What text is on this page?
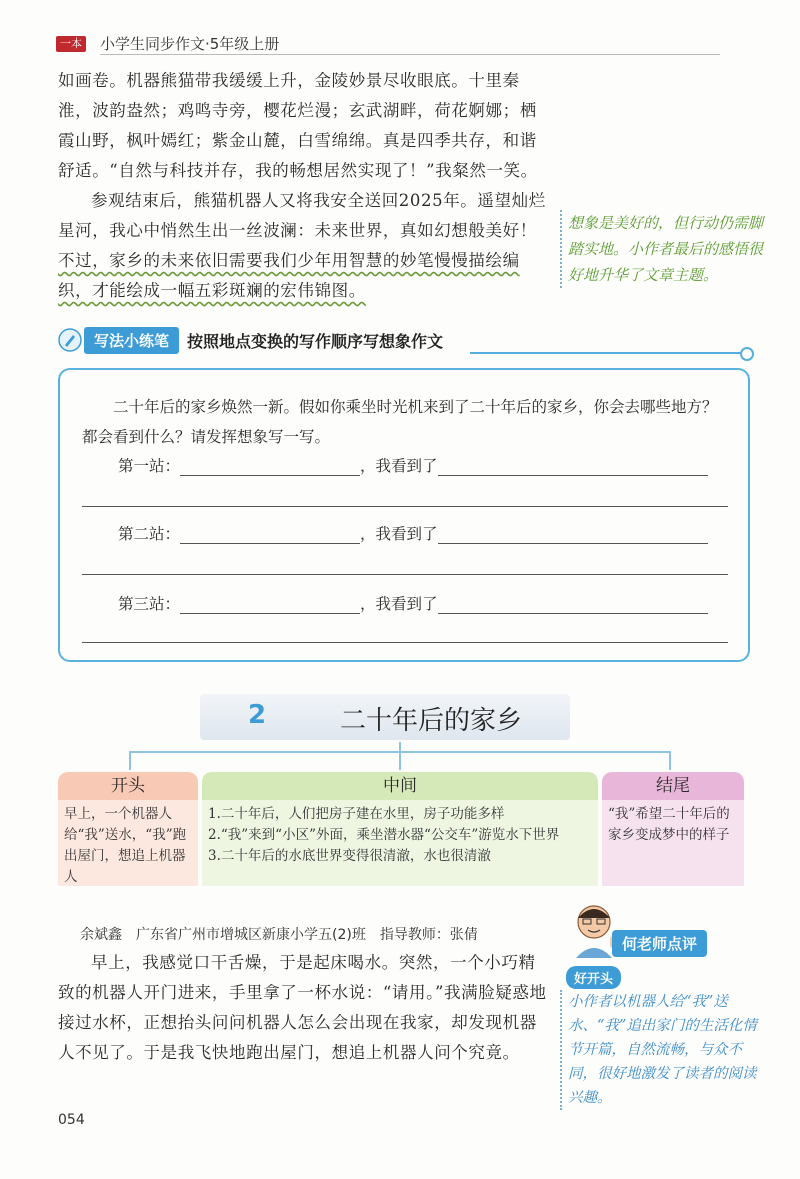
一本 小学生同步作文·5年级上册
如画卷。机器熊猫带我缓缓上升，金陵妙景尽收眼底。十里秦淮，波韵盎然；鸡鸣寺旁，樱花烂漫；玄武湖畔，荷花婀娜；栖霞山野，枫叶嫣红；紫金山麓，白雪绵绵。真是四季共存，和谐舒适。“自然与科技并存，我的畅想居然实现了！”我粲然一笑。
参观结束后，熊猫机器人又将我安全送回2025年。遥望灿烂星河，我心中悄然生出一丝波澜：未来世界，真如幻想般美好！不过，家乡的未来依旧需要我们少年用智慧的妙笔慢慢描绘编织，才能绘成一幅五彩斑斓的宏伟锦图。
想象是美好的，但行动仍需脚踏实地。小作者最后的感悟很好地升华了文章主题。
写法小练笔	按照地点变换的写作顺序写想象作文
二十年后的家乡焕然一新。假如你乘坐时光机来到了二十年后的家乡，你会去哪些地方？都会看到什么？请发挥想象写一写。
第一站：	，我看到了
第二站：	，我看到了
第三站：	，我看到了
2	二十年后的家乡
开头
早上，一个机器人给“我”送水，“我”跑出屋门，想追上机器人
中间
1.二十年后，人们把房子建在水里，房子功能多样
2.“我”来到“小区”外面，乘坐潜水器“公交车”游览水下世界
3.二十年后的水底世界变得很清澈，水也很清澈
结尾
“我”希望二十年后的家乡变成梦中的样子
余斌鑫　广东省广州市增城区新康小学五(2)班　指导教师：张倩
早上，我感觉口干舌燥，于是起床喝水。突然，一个小巧精致的机器人开门进来，手里拿了一杯水说：“请用。”我满脸疑惑地接过水杯，正想抬头问问机器人怎么会出现在我家，却发现机器人不见了。于是我飞快地跑出屋门，想追上机器人问个究竟。
何老师点评
好开头
小作者以机器人给“我”送水、“我”追出家门的生活化情节开篇，自然流畅，与众不同，很好地激发了读者的阅读兴趣。
054
